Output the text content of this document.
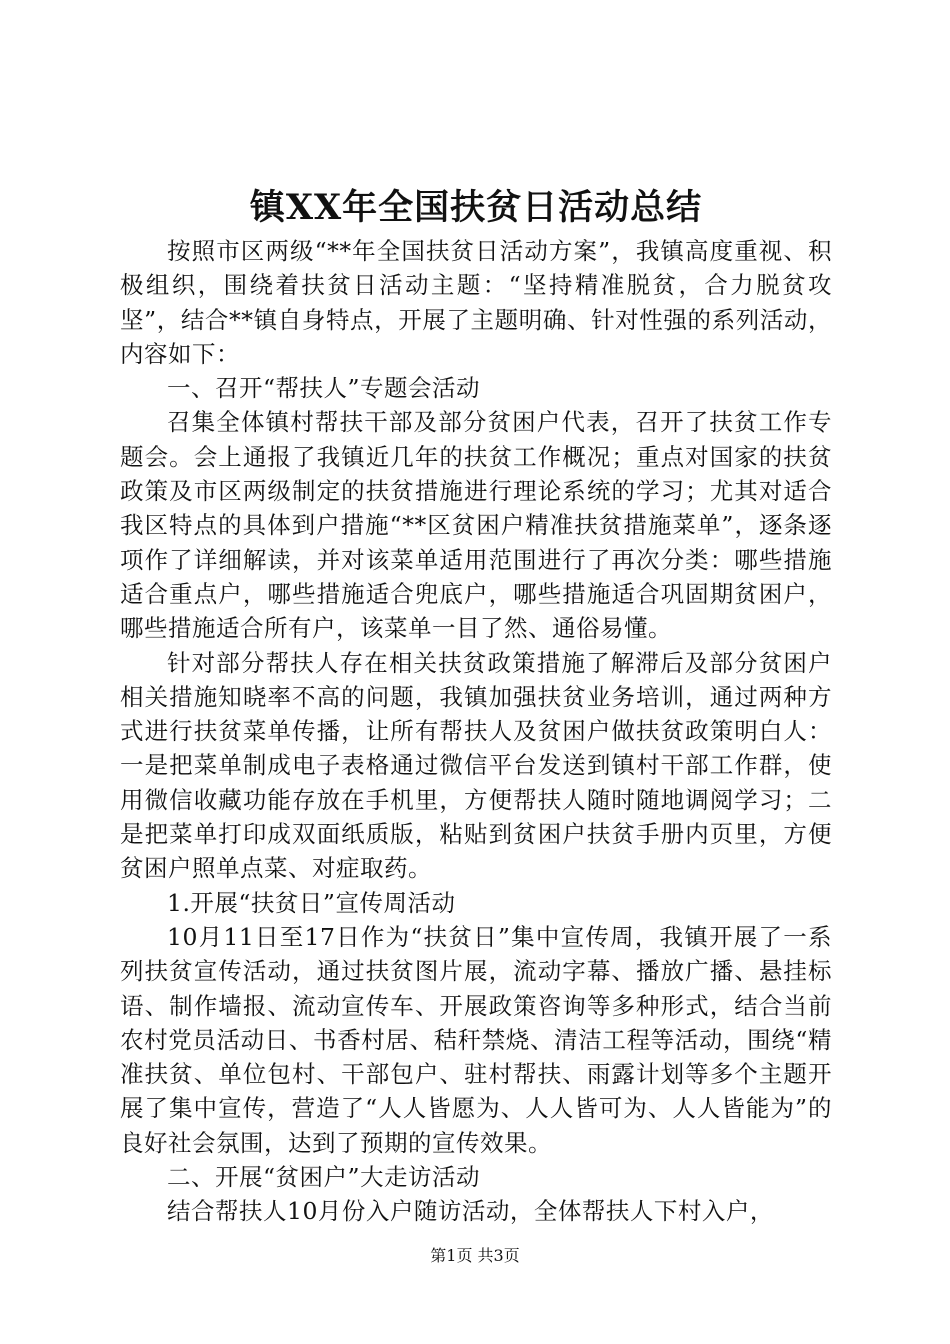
镇XX年全国扶贫日活动总结

按照市区两级“**年全国扶贫日活动方案”，我镇高度重视、积极组织，围绕着扶贫日活动主题：“坚持精准脱贫，合力脱贫攻坚”，结合**镇自身特点，开展了主题明确、针对性强的系列活动，内容如下：

一、召开“帮扶人”专题会活动

召集全体镇村帮扶干部及部分贫困户代表，召开了扶贫工作专题会。会上通报了我镇近几年的扶贫工作概况；重点对国家的扶贫政策及市区两级制定的扶贫措施进行理论系统的学习；尤其对适合我区特点的具体到户措施“**区贫困户精准扶贫措施菜单”，逐条逐项作了详细解读，并对该菜单适用范围进行了再次分类：哪些措施适合重点户，哪些措施适合兜底户，哪些措施适合巩固期贫困户，哪些措施适合所有户，该菜单一目了然、通俗易懂。

针对部分帮扶人存在相关扶贫政策措施了解滞后及部分贫困户相关措施知晓率不高的问题，我镇加强扶贫业务培训，通过两种方式进行扶贫菜单传播，让所有帮扶人及贫困户做扶贫政策明白人：一是把菜单制成电子表格通过微信平台发送到镇村干部工作群，使用微信收藏功能存放在手机里，方便帮扶人随时随地调阅学习；二是把菜单打印成双面纸质版，粘贴到贫困户扶贫手册内页里，方便贫困户照单点菜、对症取药。

1.开展“扶贫日”宣传周活动

10月11日至17日作为“扶贫日”集中宣传周，我镇开展了一系列扶贫宣传活动，通过扶贫图片展，流动字幕、播放广播、悬挂标语、制作墙报、流动宣传车、开展政策咨询等多种形式，结合当前农村党员活动日、书香村居、秸秆禁烧、清洁工程等活动，围绕“精准扶贫、单位包村、干部包户、驻村帮扶、雨露计划等多个主题开展了集中宣传，营造了“人人皆愿为、人人皆可为、人人皆能为”的良好社会氛围，达到了预期的宣传效果。

二、开展“贫困户”大走访活动

结合帮扶人10月份入户随访活动，全体帮扶人下村入户，

第1页 共3页
